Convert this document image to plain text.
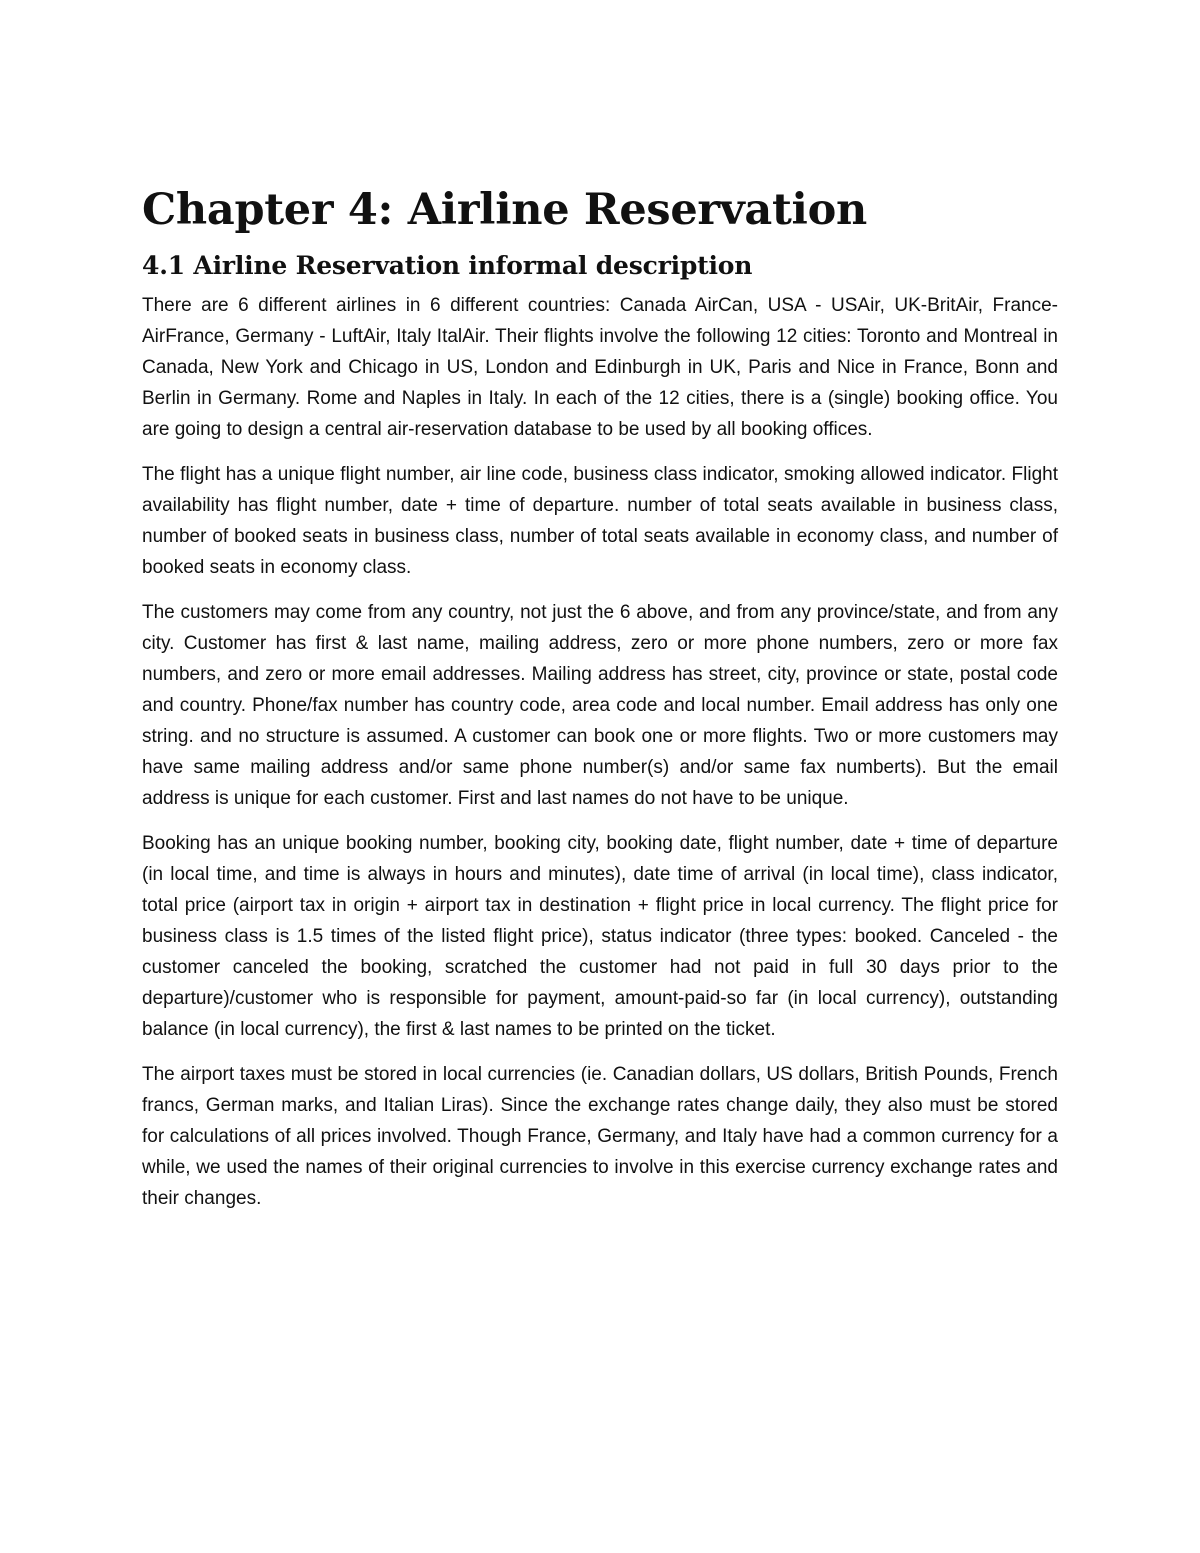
Chapter 4: Airline Reservation
4.1 Airline Reservation informal description

There are 6 different airlines in 6 different countries: Canada AirCan, USA - USAir, UK-BritAir, France- AirFrance, Germany - LuftAir, Italy ItalAir. Their flights involve the following 12 cities: Toronto and Montreal in Canada, New York and Chicago in US, London and Edinburgh in UK, Paris and Nice in France, Bonn and Berlin in Germany. Rome and Naples in Italy. In each of the 12 cities, there is a (single) booking office. You are going to design a central air-reservation database to be used by all booking offices.

The flight has a unique flight number, air line code, business class indicator, smoking allowed indicator. Flight availability has flight number, date + time of departure. number of total seats available in business class, number of booked seats in business class, number of total seats available in economy class, and number of booked seats in economy class.

The customers may come from any country, not just the 6 above, and from any province/state, and from any city. Customer has first & last name, mailing address, zero or more phone numbers, zero or more fax numbers, and zero or more email addresses. Mailing address has street, city, province or state, postal code and country. Phone/fax number has country code, area code and local number. Email address has only one string. and no structure is assumed. A customer can book one or more flights. Two or more customers may have same mailing address and/or same phone number(s) and/or same fax numberts). But the email address is unique for each customer. First and last names do not have to be unique.

Booking has an unique booking number, booking city, booking date, flight number, date + time of departure (in local time, and time is always in hours and minutes), date time of arrival (in local time), class indicator, total price (airport tax in origin + airport tax in destination + flight price in local currency. The flight price for business class is 1.5 times of the listed flight price), status indicator (three types: booked. Canceled - the customer canceled the booking, scratched the customer had not paid in full 30 days prior to the departure)/customer who is responsible for payment, amount-paid-so far (in local currency), outstanding balance (in local currency), the first & last names to be printed on the ticket.

The airport taxes must be stored in local currencies (ie. Canadian dollars, US dollars, British Pounds, French francs, German marks, and Italian Liras). Since the exchange rates change daily, they also must be stored for calculations of all prices involved. Though France, Germany, and Italy have had a common currency for a while, we used the names of their original currencies to involve in this exercise currency exchange rates and their changes.
